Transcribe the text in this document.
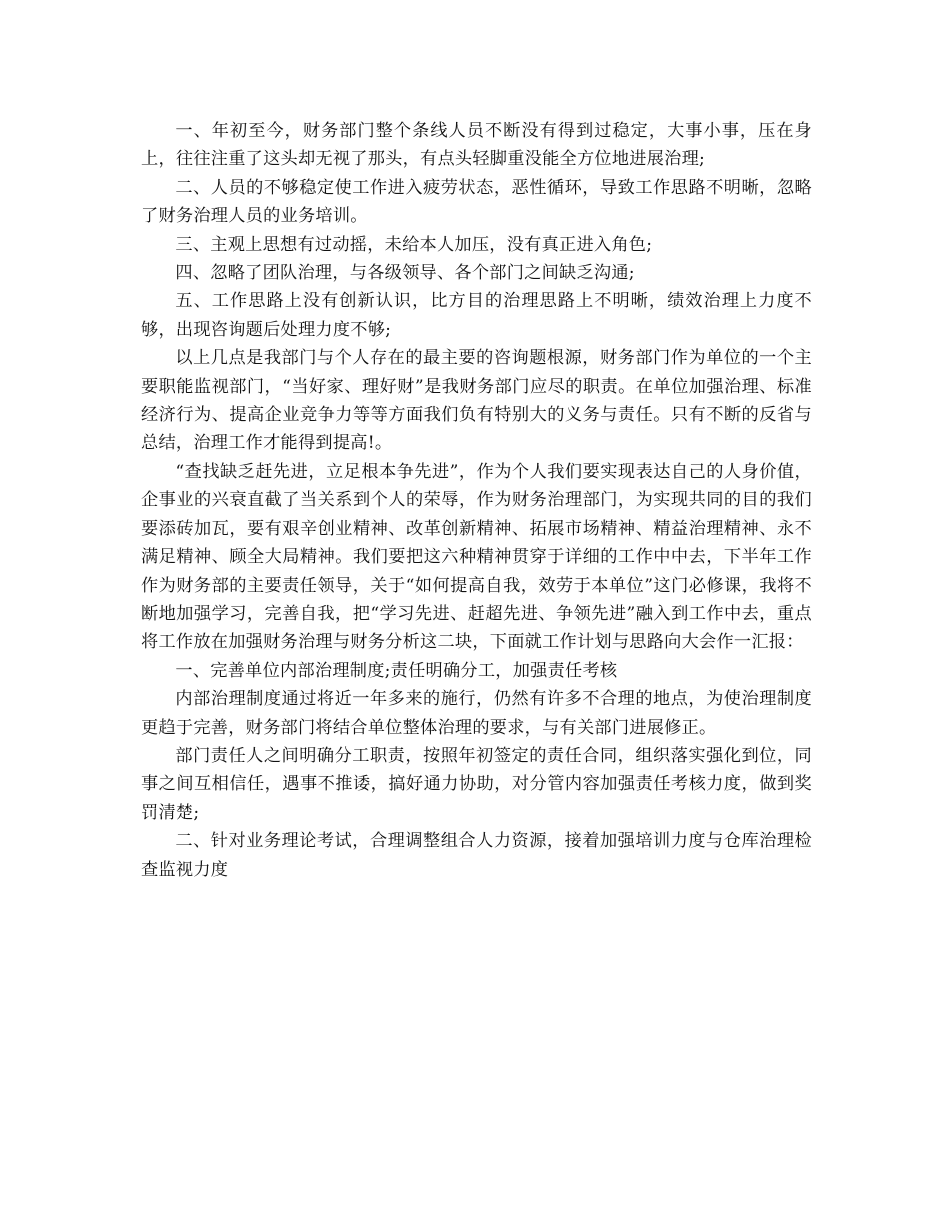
一、年初至今，财务部门整个条线人员不断没有得到过稳定，大事小事，压在身上，往往注重了这头却无视了那头，有点头轻脚重没能全方位地进展治理;

二、人员的不够稳定使工作进入疲劳状态，恶性循环，导致工作思路不明晰，忽略了财务治理人员的业务培训。

三、主观上思想有过动摇，未给本人加压，没有真正进入角色;

四、忽略了团队治理，与各级领导、各个部门之间缺乏沟通;

五、工作思路上没有创新认识，比方目的治理思路上不明晰，绩效治理上力度不够，出现咨询题后处理力度不够;

以上几点是我部门与个人存在的最主要的咨询题根源，财务部门作为单位的一个主要职能监视部门，“当好家、理好财”是我财务部门应尽的职责。在单位加强治理、标准经济行为、提高企业竞争力等等方面我们负有特别大的义务与责任。只有不断的反省与总结，治理工作才能得到提高!。

“查找缺乏赶先进，立足根本争先进”，作为个人我们要实现表达自己的人身价值，企事业的兴衰直截了当关系到个人的荣辱，作为财务治理部门，为实现共同的目的我们要添砖加瓦，要有艰辛创业精神、改革创新精神、拓展市场精神、精益治理精神、永不满足精神、顾全大局精神。我们要把这六种精神贯穿于详细的工作中中去，下半年工作作为财务部的主要责任领导，关于“如何提高自我，效劳于本单位”这门必修课，我将不断地加强学习，完善自我，把“学习先进、赶超先进、争领先进”融入到工作中去，重点将工作放在加强财务治理与财务分析这二块，下面就工作计划与思路向大会作一汇报：

一、完善单位内部治理制度;责任明确分工，加强责任考核

内部治理制度通过将近一年多来的施行，仍然有许多不合理的地点，为使治理制度更趋于完善，财务部门将结合单位整体治理的要求，与有关部门进展修正。

部门责任人之间明确分工职责，按照年初签定的责任合同，组织落实强化到位，同事之间互相信任，遇事不推诿，搞好通力协助，对分管内容加强责任考核力度，做到奖罚清楚;

二、针对业务理论考试，合理调整组合人力资源，接着加强培训力度与仓库治理检查监视力度
